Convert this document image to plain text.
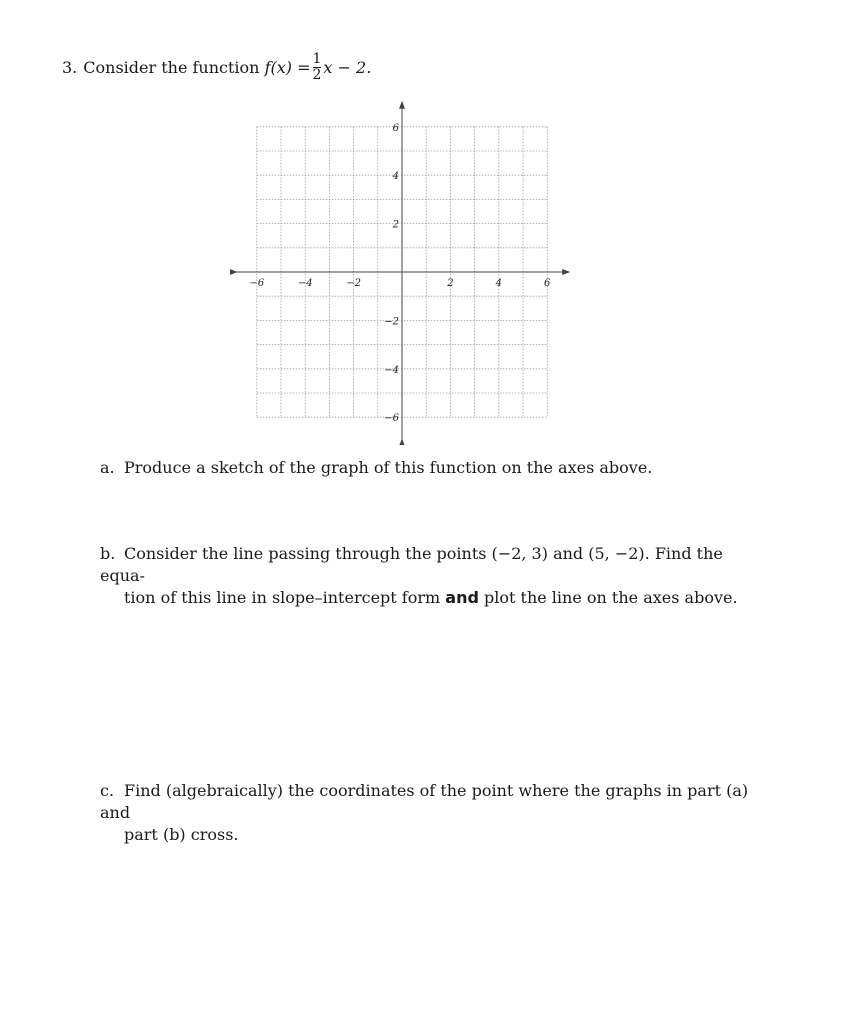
3. Consider the function
$f(x) = \frac{1}{2}$ x − 2.
−6	−4	−2	2	4	6
6
4
2
−2
−4
−6
a. Produce a sketch of the graph of this function on the axes above.
b. Consider the line passing through the points (−2, 3) and (5, −2). Find the equa-
tion of this line in slope–intercept form and plot the line on the axes above.
c. Find (algebraically) the coordinates of the point where the graphs in part (a) and
part (b) cross.
